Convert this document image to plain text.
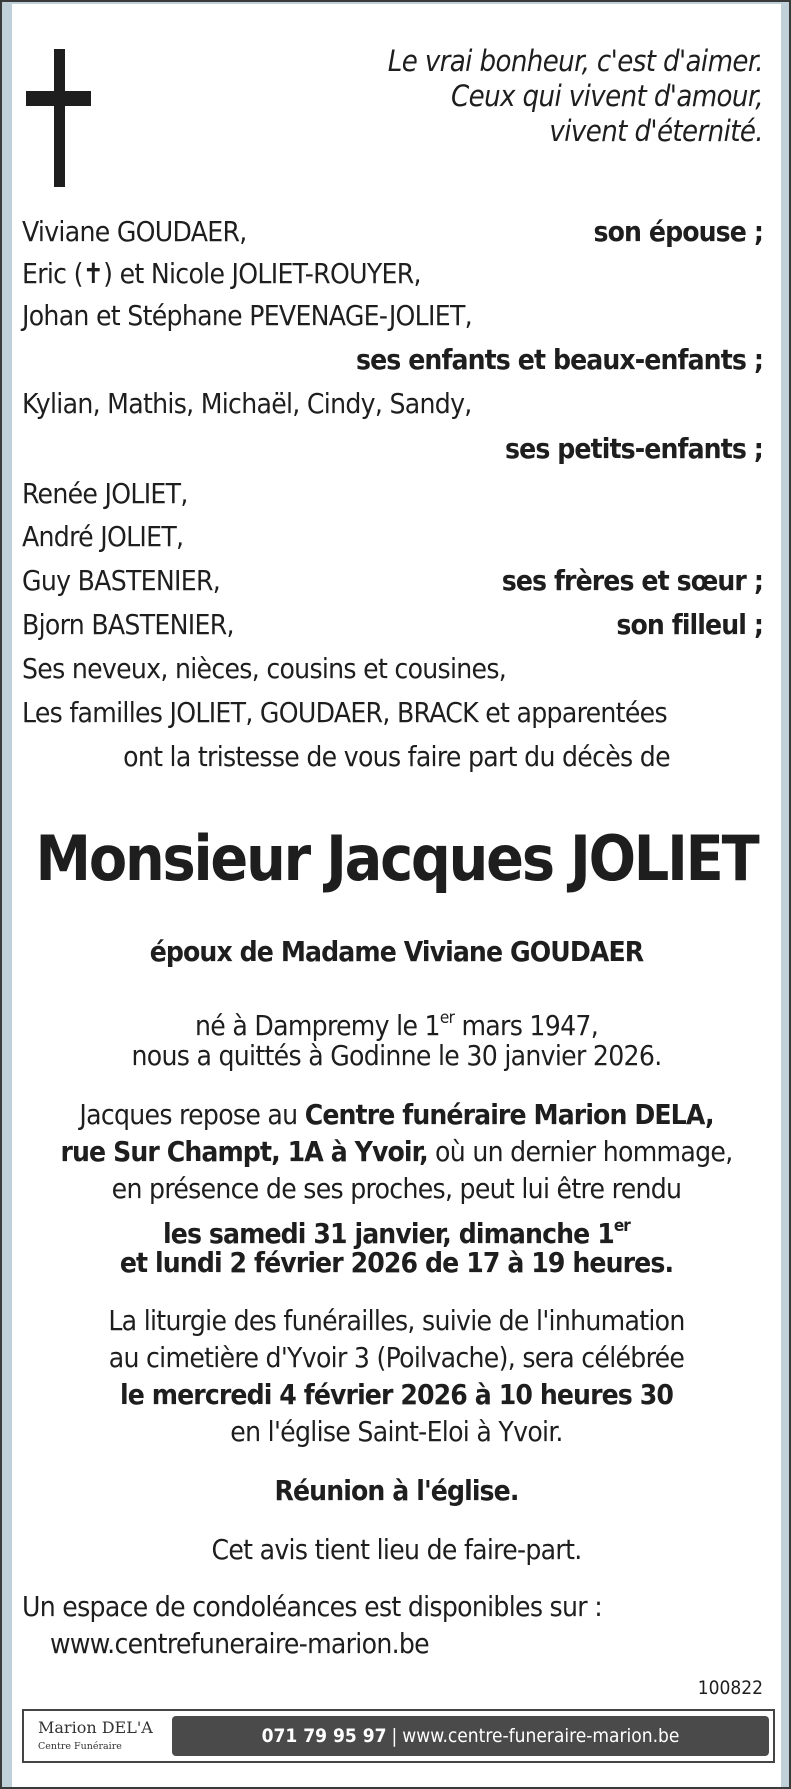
Le vrai bonheur, c'est d'aimer.
Ceux qui vivent d'amour,
vivent d'éternité.
Viviane GOUDAER,	son épouse ;
Eric (✝) et Nicole JOLIET-ROUYER,
Johan et Stéphane PEVENAGE-JOLIET,
ses enfants et beaux-enfants ;
Kylian, Mathis, Michaël, Cindy, Sandy,
ses petits-enfants ;
Renée JOLIET,
André JOLIET,
Guy BASTENIER,	ses frères et sœur ;
Bjorn BASTENIER,	son filleul ;
Ses neveux, nièces, cousins et cousines,
Les familles JOLIET, GOUDAER, BRACK et apparentées
ont la tristesse de vous faire part du décès de
Monsieur Jacques JOLIET
époux de Madame Viviane GOUDAER
né à Dampremy le 1er mars 1947,
nous a quittés à Godinne le 30 janvier 2026.
Jacques repose au Centre funéraire Marion DELA,
rue Sur Champt, 1A à Yvoir, où un dernier hommage,
en présence de ses proches, peut lui être rendu
les samedi 31 janvier, dimanche 1er
et lundi 2 février 2026 de 17 à 19 heures.
La liturgie des funérailles, suivie de l'inhumation
au cimetière d'Yvoir 3 (Poilvache), sera célébrée
le mercredi 4 février 2026 à 10 heures 30
en l'église Saint-Eloi à Yvoir.
Réunion à l'église.
Cet avis tient lieu de faire-part.
Un espace de condoléances est disponibles sur :
www.centrefuneraire-marion.be
100822
Marion DEL'A
Centre Funéraire	071 79 95 97 | www.centre-funeraire-marion.be
